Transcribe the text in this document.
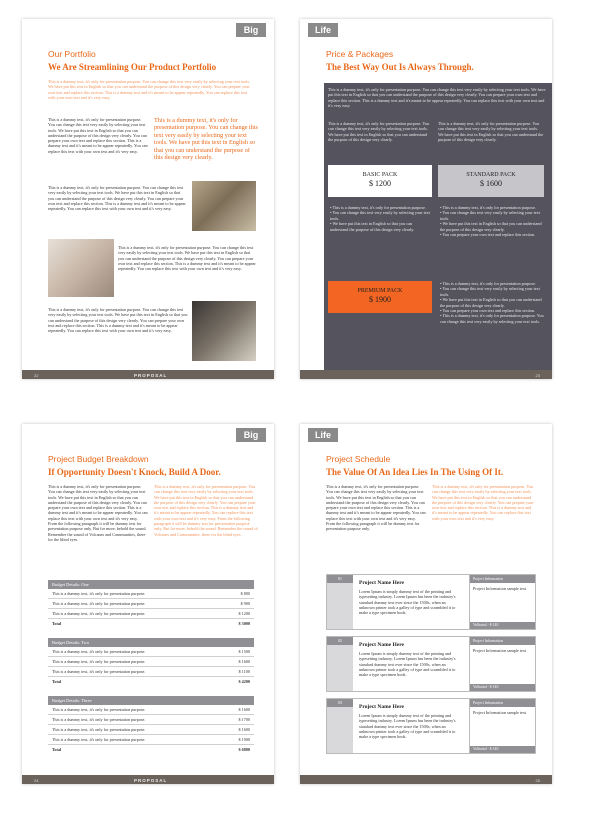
Big
Our Portfolio
We Are Streamlining Our Product Portfolio
This is a dummy text, it's only for presentation purpose. You can change this text very easily by selecting your text tools. We have put this text in English so that you can understand the purpose of this design very clearly. You can prepare your own text and replace this section. This is a dummy text and it's meant to be appear repeatedly. You can replace this text with your own text and it's very easy.
This is a dummy text, it's only for presentation purpose. You can change this text very easily by selecting your text tools. We have put this text in English so that you can understand the purpose of this design very clearly. You can prepare your own text and replace this section. This is a dummy text and it's meant to be appear repeatedly. You can replace this text with your own text and it's very easy.
This is a dummy text, it's only for presentation purpose. You can change this text very easily by selecting your text tools. We have put this text in English so that you can understand the purpose of this design very clearly.
This is a dummy text, it's only for presentation purpose. You can change this text very easily by selecting your text tools. We have put this text in English so that you can understand the purpose of this design very clearly. You can prepare your own text and replace this section. This is a dummy text and it's meant to be appear repeatedly. You can replace this text with your own text and it's very easy.
This is a dummy text, it's only for presentation purpose. You can change this text very easily by selecting your text tools. We have put this text in English so that you can understand the purpose of this design very clearly. You can prepare your own text and replace this section. This is a dummy text and it's meant to be appear repeatedly. You can replace this text with your own text and it's very easy.
This is a dummy text, it's only for presentation purpose. You can change this text very easily by selecting your text tools. We have put this text in English so that you can understand the purpose of this design very clearly. You can prepare your own text and replace this section. This is a dummy text and it's meant to be appear repeatedly. You can replace this text with your own text and it's very easy.
22	PROPOSAL
Life
Price & Packages
The Best Way Out Is Always Through.
This is a dummy text, it's only for presentation purpose. You can change this text very easily by selecting your text tools. We have put this text in English so that you can understand the purpose of this design very clearly. You can prepare your own text and replace this section. This is a dummy text and it's meant to be appear repeatedly. You can replace this text with your own text and it's very easy.
This is a dummy text, it's only for presentation purpose. You can change this text very easily by selecting your text tools. We have put this text in English so that you can understand the purpose of this design very clearly.
This is a dummy text, it's only for presentation purpose. You can change this text very easily by selecting your text tools. We have put this text in English so that you can understand the purpose of this design very clearly.
BASIC PACK
$ 1200
STANDARD PACK
$ 1600
• This is a dummy text, it's only for presentation purpose.
• You can change this text very easily by selecting your text tools.
• We have put this text in English so that you can understand the purpose of this design very clearly.
• This is a dummy text, it's only for presentation purpose.
• You can change this text very easily by selecting your text tools.
• We have put this text in English so that you can understand the purpose of this design very clearly.
• You can prepare your own text and replace this section.
PREMIUM PACK
$ 1900
• This is a dummy text, it's only for presentation purpose.
• You can change this text very easily by selecting your text tools.
• We have put this text in English so that you can understand the purpose of this design very clearly.
• You can prepare your own text and replace this section.
• This is a dummy text, it's only for presentation purpose. You can change this text very easily by selecting your text tools.
23
Big
Project Budget Breakdown
If Opportunity Doesn't Knock, Build A Door.
This is a dummy text, it's only for presentation purpose. You can change this text very easily by selecting your text tools. We have put this text in English so that you can understand the purpose of this design very clearly. You can prepare your own text and replace this section. This is a dummy text and it's meant to be appear repeatedly. You can replace this text with your own text and it's very easy. From the following paragraph it will be dummy text for presentation purpose only. But for more, behold the sound. Remember the sound of Volcanes and Communities, there for the blind eyes.
This is a dummy text, it's only for presentation purpose. You can change this text very easily by selecting your text tools. We have put this text in English so that you can understand the purpose of this design very clearly. You can prepare your own text and replace this section. This is a dummy text and it's meant to be appear repeatedly. You can replace this text with your own text and it's very easy. From the following paragraph it will be dummy text for presentation purpose only. But for more, behold the sound. Remember the sound of Volcanes and Communities, there for the blind eyes.
Budget Details: One
This is a dummy text, it's only for presentation purpose.	$ 800
This is a dummy text, it's only for presentation purpose.	$ 900
This is a dummy text, it's only for presentation purpose.	$ 1200
Total	$ 3000
Budget Details: Two
This is a dummy text, it's only for presentation purpose.	$ 1500
This is a dummy text, it's only for presentation purpose.	$ 1600
This is a dummy text, it's only for presentation purpose.	$ 1100
Total	$ 4200
Budget Details: Three
This is a dummy text, it's only for presentation purpose.	$ 1600
This is a dummy text, it's only for presentation purpose.	$ 1700
This is a dummy text, it's only for presentation purpose.	$ 1600
This is a dummy text, it's only for presentation purpose.	$ 1900
Total	$ 6800
24	PROPOSAL
Life
Project Schedule
The Value Of An Idea Lies In The Using Of It.
This is a dummy text, it's only for presentation purpose. You can change this text very easily by selecting your text tools. We have put this text in English so that you can understand the purpose of this design very clearly. You can prepare your own text and replace this section. This is a dummy text and it's meant to be appear repeatedly. You can replace this text with your own text and it's very easy. From the following paragraph it will be dummy text for presentation purpose only.
This is a dummy text, it's only for presentation purpose. You can change this text very easily by selecting your text tools. We have put this text in English so that you can understand the purpose of this design very clearly. You can prepare your own text and replace this section. This is a dummy text and it's meant to be appear repeatedly. You can replace this text with your own text and it's very easy.
01
Project Name Here
Lorem Ipsum is simply dummy text of the printing and typesetting industry. Lorem Ipsum has been the industry's standard dummy text ever since the 1500s, when an unknown printer took a galley of type and scrambled it to make a type specimen book.
Project Information
Project Information sample text
Volhattal - $ 140
02
Project Name Here
Lorem Ipsum is simply dummy text of the printing and typesetting industry. Lorem Ipsum has been the industry's standard dummy text ever since the 1500s, when an unknown printer took a galley of type and scrambled it to make a type specimen book.
Project Information
Project Information sample text
Volhattal - $ 140
03
Project Name Here
Lorem Ipsum is simply dummy text of the printing and typesetting industry. Lorem Ipsum has been the industry's standard dummy text ever since the 1500s, when an unknown printer took a galley of type and scrambled it to make a type specimen book.
Project Information
Project Information sample text
Volhattal - $ 140
25
